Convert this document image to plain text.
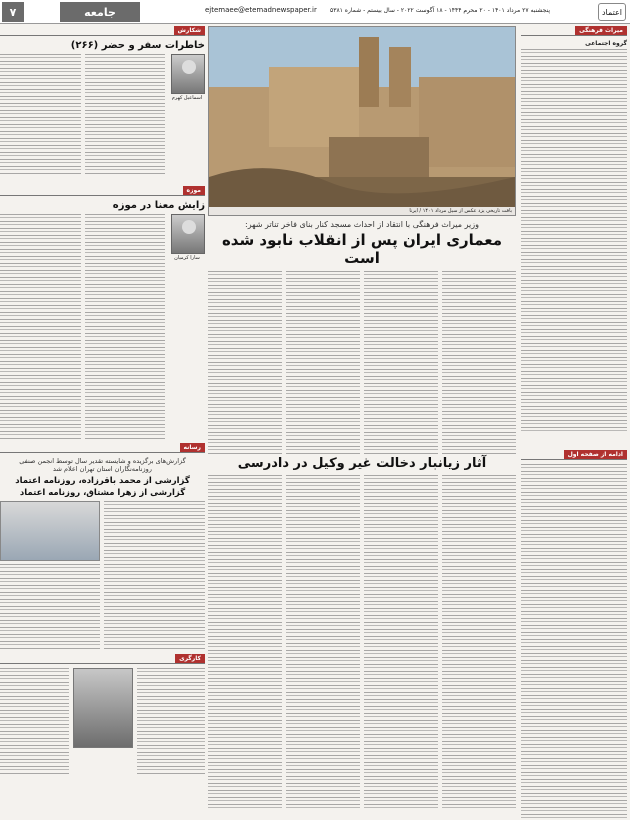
۷	جامعه	ejtemaee@etemadnewspaper.ir پنجشنبه ۲۷ مرداد ۱۴۰۱ - ۲۰ محرم ۱۴۴۴ - ۱۸ آگوست ۲۰۲۲ - سال بیستم - شماره ۵۳۸۱	اعتماد
میراث فرهنگی
گروه اجتماعی
ادامه از صفحه اول
بافت تاریخی یزد عکس از سیل مرداد ۱۴۰۱ / ایرنا
وزیر میراث فرهنگی با انتقاد از احداث مسجد کنار بنای فاخر تناتر شهر:
معماری ایران پس از انقلاب نابود شده است
آثار زیانبار دخالت غیر وکیل در دادرسی
شکارش
خاطرات سفر و حضر (۲۶۶)
اسماعیل کهرم
موزه
زایش معنا در موزه
سارا کرمیان
رسانه
گزارش‌های برگزیده و شایسته تقدیر سال توسط انجمن صنفی روزنامه‌نگاران استان تهران اعلام شد
گزارشی از محمد باقرزاده، روزنامه اعتماد گزارشی از زهرا مشتاق، روزنامه اعتماد
کارگری
